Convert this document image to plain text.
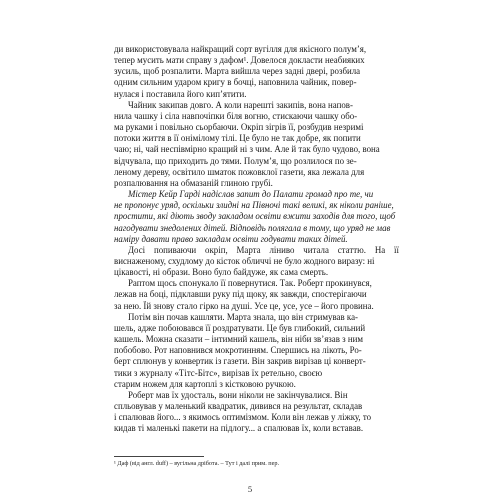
ди використовувала найкращий сорт вугілля для якісного полум’я,
тепер мусить мати справу з дафом¹. Довелося докласти неабияких
зусиль, щоб розпалити. Марта вийшла через задні двері, розбила
одним сильним ударом кригу в бочці, наповнила чайник, повер-
нулася і поставила його кип’ятити.
Чайник закипав довго. А коли нарешті закипів, вона напов-
нила чашку і сіла навпочіпки біля вогню, стискаючи чашку обо-
ма руками і повільно сьорбаючи. Окріп зігрів її, розбудив незримі
потоки життя в її оніміломy тілі. Це було не так добре, як попити
чаю; ні, чай неспівмірно кращий ні з чим. Але й так було чудово, вона
відчувала, що приходить до тями. Полум’я, що розлилося по зе-
леному дереву, освітило шматок пожовклої газети, яка лежала для
розпалювання на обмазаній глиною грубі.
Містер Кейр Гарді надіслав запит до Палати громад про те, чи
не пропонує уряд, оскільки злидні на Півночі такі великі, як ніколи раніше,
простити, які діють зводу закладом освіти вжити заходів для того, щоб
нагодувати знедолених дітей. Відповідь полягала в тому, що уряд не мав
наміру давати право закладам освіти годувати таких дітей.
Досі попиваючи окріп, Марта ліниво читала статтю. На її виснаженому, схудлому до кісток обличчі не було жодного виразу: ні
цікавості, ні образи. Воно було байдуже, як сама смерть.
Раптом щось спонукало її повернутися. Так. Роберт прокинувся,
лежав на боці, підклавши руку під щоку, як завжди, спостерігаючи
за нею. Їй знову стало гірко на душі. Усе це, усе, усе – його провина.
Потім він почав кашляти. Марта знала, що він стримував ка-
шель, адже побоювався її роздратувати. Це був глибокий, сильний
кашель. Можна сказати – інтимний кашель, він ніби зв’язав з ним
побобово. Рот наповнився мокротинням. Спершись на лікоть, Ро-
берт сплюнув у конвертик із газети. Він закрив вирізав ці конверт-
тики з журналу «Тітс-Бітс», вирізав їх ретельно, своєю
старим ножем для картоплі з кістковою ручкою.
Роберт мав їх удосталь, вони ніколи не закінчувалися. Він
спльовував у маленький квадратик, дивився на результат, складав
і спалював його... з якимось оптимізмом. Коли він лежав у ліжку, то
кидав ті маленькі пакети на підлогу... а спалював їх, коли вставав.
¹ Даф (від англ. duff) – вугільна дрібота. – Тут і далі прим. пер.
5
